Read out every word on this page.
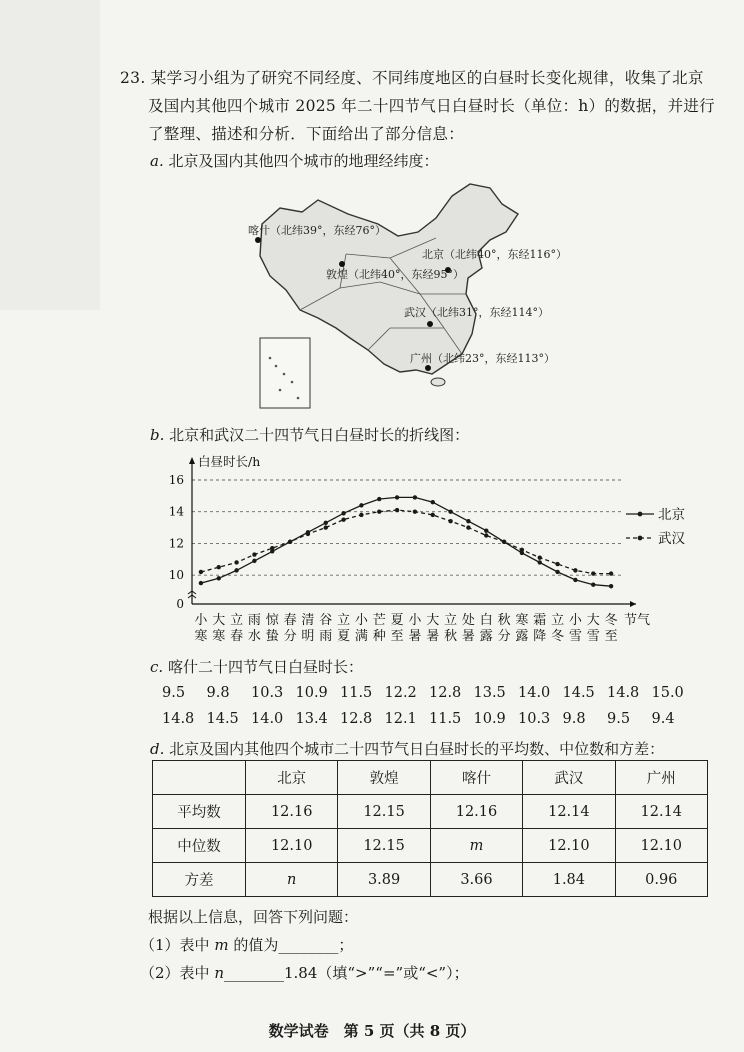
23. 某学习小组为了研究不同经度、不同纬度地区的白昼时长变化规律，收集了北京
及国内其他四个城市 2025 年二十四节气日白昼时长（单位：h）的数据，并进行
了整理、描述和分析．下面给出了部分信息：
a. 北京及国内其他四个城市的地理经纬度：
喀什（北纬39°，东经76°）
北京（北纬40°，东经116°）
敦煌（北纬40°，东经95°）
武汉（北纬31°，东经114°）
广州（北纬23°，东经113°）
b. 北京和武汉二十四节气日白昼时长的折线图：
0
10
12
14
16
白昼时长/h
小
寒
大
寒
立
春
雨
水
惊
蛰
春
分
清
明
谷
雨
立
夏
小
满
芒
种
夏
至
小
暑
大
暑
立
秋
处
暑
白
露
秋
分
寒
露
霜
降
立
冬
小
雪
大
雪
冬
至
节气
北京
武汉
c. 喀什二十四节气日白昼时长：
9.5 9.8 10.3 10.9 11.5 12.2 12.8 13.5 14.0 14.5 14.8 15.0
14.8 14.5 14.0 13.4 12.8 12.1 11.5 10.9 10.3 9.8 9.5 9.4
d. 北京及国内其他四个城市二十四节气日白昼时长的平均数、中位数和方差：
	北京	敦煌	喀什	武汉	广州
平均数	12.16	12.15	12.16	12.14	12.14
中位数	12.10	12.15	m	12.10	12.10
方差	n	3.89	3.66	1.84	0.96
根据以上信息，回答下列问题：
（1）表中 m 的值为________；
（2）表中 n________1.84（填“>”“=”或“<”）；
数学试卷　第 5 页（共 8 页）
